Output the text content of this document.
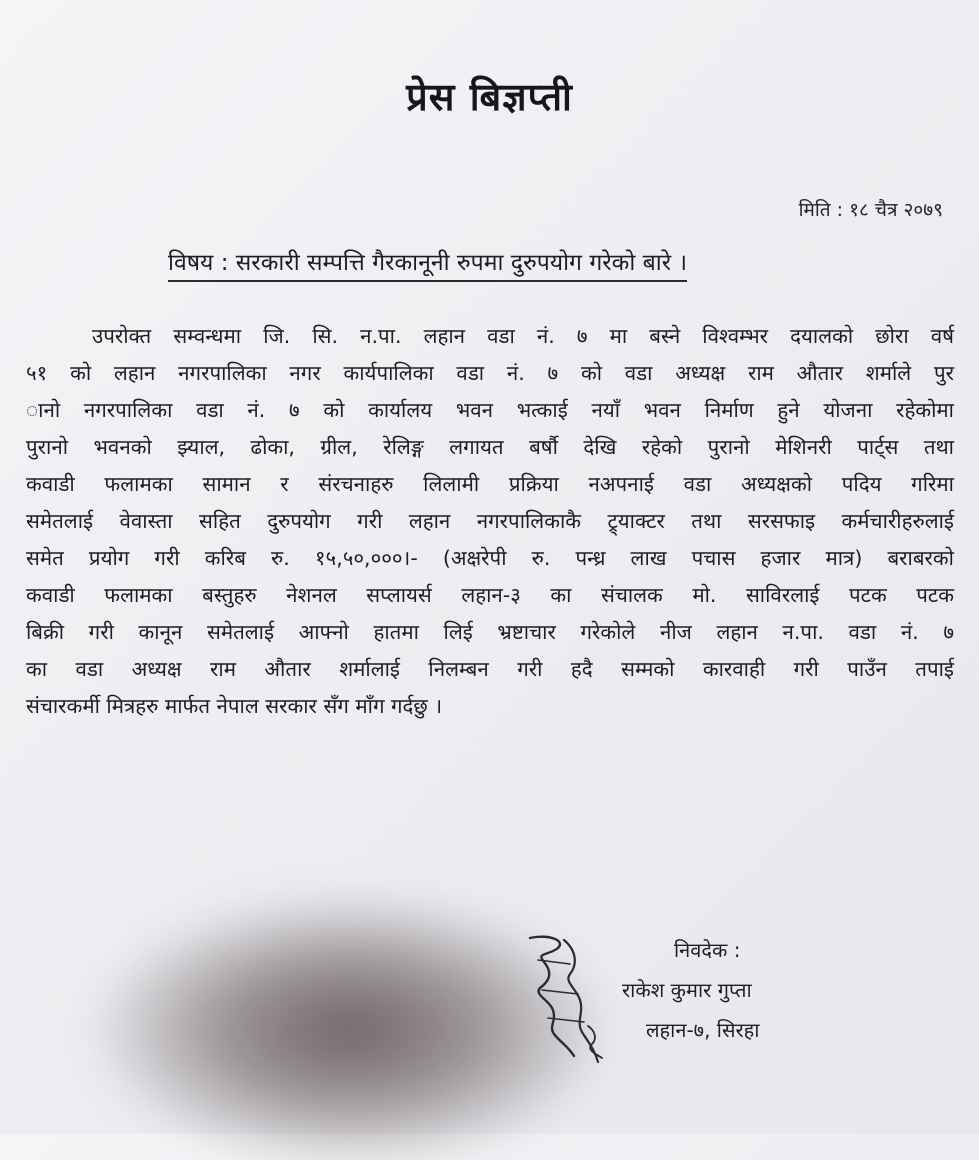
प्रेस बिज्ञप्ती
मिति : १८ चैत्र २०७९
विषय : सरकारी सम्पत्ति गैरकानूनी रुपमा दुरुपयोग गरेको बारे ।
उपरोक्त सम्वन्धमा जि. सि. न.पा. लहान वडा नं. ७ मा बस्ने विश्वम्भर दयालको छोरा वर्ष
५१ को लहान नगरपालिका नगर कार्यपालिका वडा नं. ७ को वडा अध्यक्ष राम औतार शर्माले पुर
ानो नगरपालिका वडा नं. ७ को कार्यालय भवन भत्काई नयाँ भवन निर्माण हुने योजना रहेकोमा
पुरानो भवनको झ्याल, ढोका, ग्रील, रेलिङ्ग लगायत बर्षौ देखि रहेको पुरानो मेशिनरी पार्ट्स तथा
कवाडी फलामका सामान र संरचनाहरु लिलामी प्रक्रिया नअपनाई वडा अध्यक्षको पदिय गरिमा
समेतलाई वेवास्ता सहित दुरुपयोग गरी लहान नगरपालिकाकै ट्र्याक्टर तथा सरसफाइ कर्मचारीहरुलाई
समेत प्रयोग गरी करिब रु. १५,५०,०००।- (अक्षरेपी रु. पन्ध्र लाख पचास हजार मात्र) बराबरको
कवाडी फलामका बस्तुहरु नेशनल सप्लायर्स लहान-३ का संचालक मो. साविरलाई पटक पटक
बिक्री गरी कानून समेतलाई आफ्नो हातमा लिई भ्रष्टाचार गरेकोले नीज लहान न.पा. वडा नं. ७
का वडा अध्यक्ष राम औतार शर्मालाई निलम्बन गरी हदै सम्मको कारवाही गरी पाउँन तपाई
संचारकर्मी मित्रहरु मार्फत नेपाल सरकार सँग माँग गर्दछु ।
निवदेक :
राकेश कुमार गुप्ता
लहान-७, सिरहा
